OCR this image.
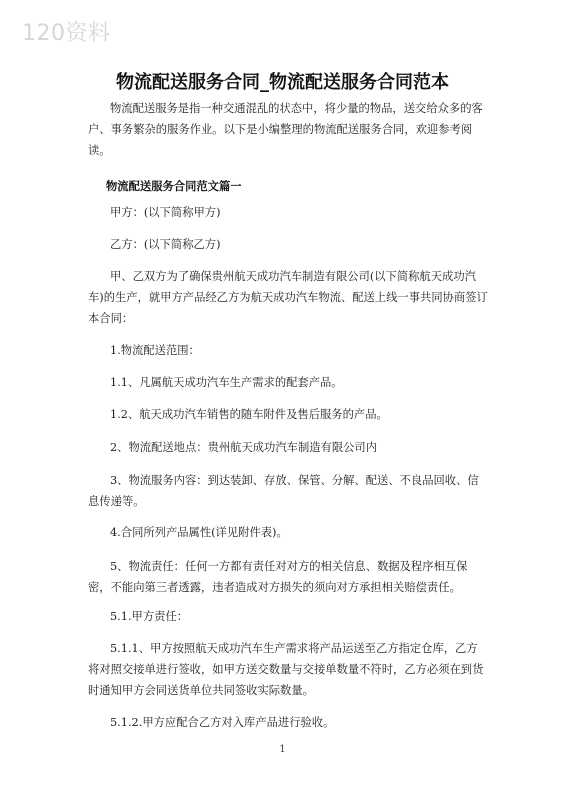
120资料
物流配送服务合同_物流配送服务合同范本

物流配送服务是指一种交通混乱的状态中，将少量的物品，送交给众多的客户、事务繁杂的服务作业。以下是小编整理的物流配送服务合同，欢迎参考阅读。

物流配送服务合同范文篇一

甲方：(以下简称甲方)

乙方：(以下简称乙方)

甲、乙双方为了确保贵州航天成功汽车制造有限公司(以下简称航天成功汽车)的生产，就甲方产品经乙方为航天成功汽车物流、配送上线一事共同协商签订本合同：

1.物流配送范围：

1.1、凡属航天成功汽车生产需求的配套产品。

1.2、航天成功汽车销售的随车附件及售后服务的产品。

2、物流配送地点：贵州航天成功汽车制造有限公司内

3、物流服务内容：到达装卸、存放、保管、分解、配送、不良品回收、信息传递等。

4.合同所列产品属性(详见附件表)。

5、物流责任：任何一方都有责任对对方的相关信息、数据及程序相互保密，不能向第三者透露，违者造成对方损失的须向对方承担相关赔偿责任。

5.1.甲方责任：

5.1.1、甲方按照航天成功汽车生产需求将产品运送至乙方指定仓库，乙方将对照交接单进行签收，如甲方送交数量与交接单数量不符时，乙方必须在到货时通知甲方会同送货单位共同签收实际数量。

5.1.2.甲方应配合乙方对入库产品进行验收。

1
